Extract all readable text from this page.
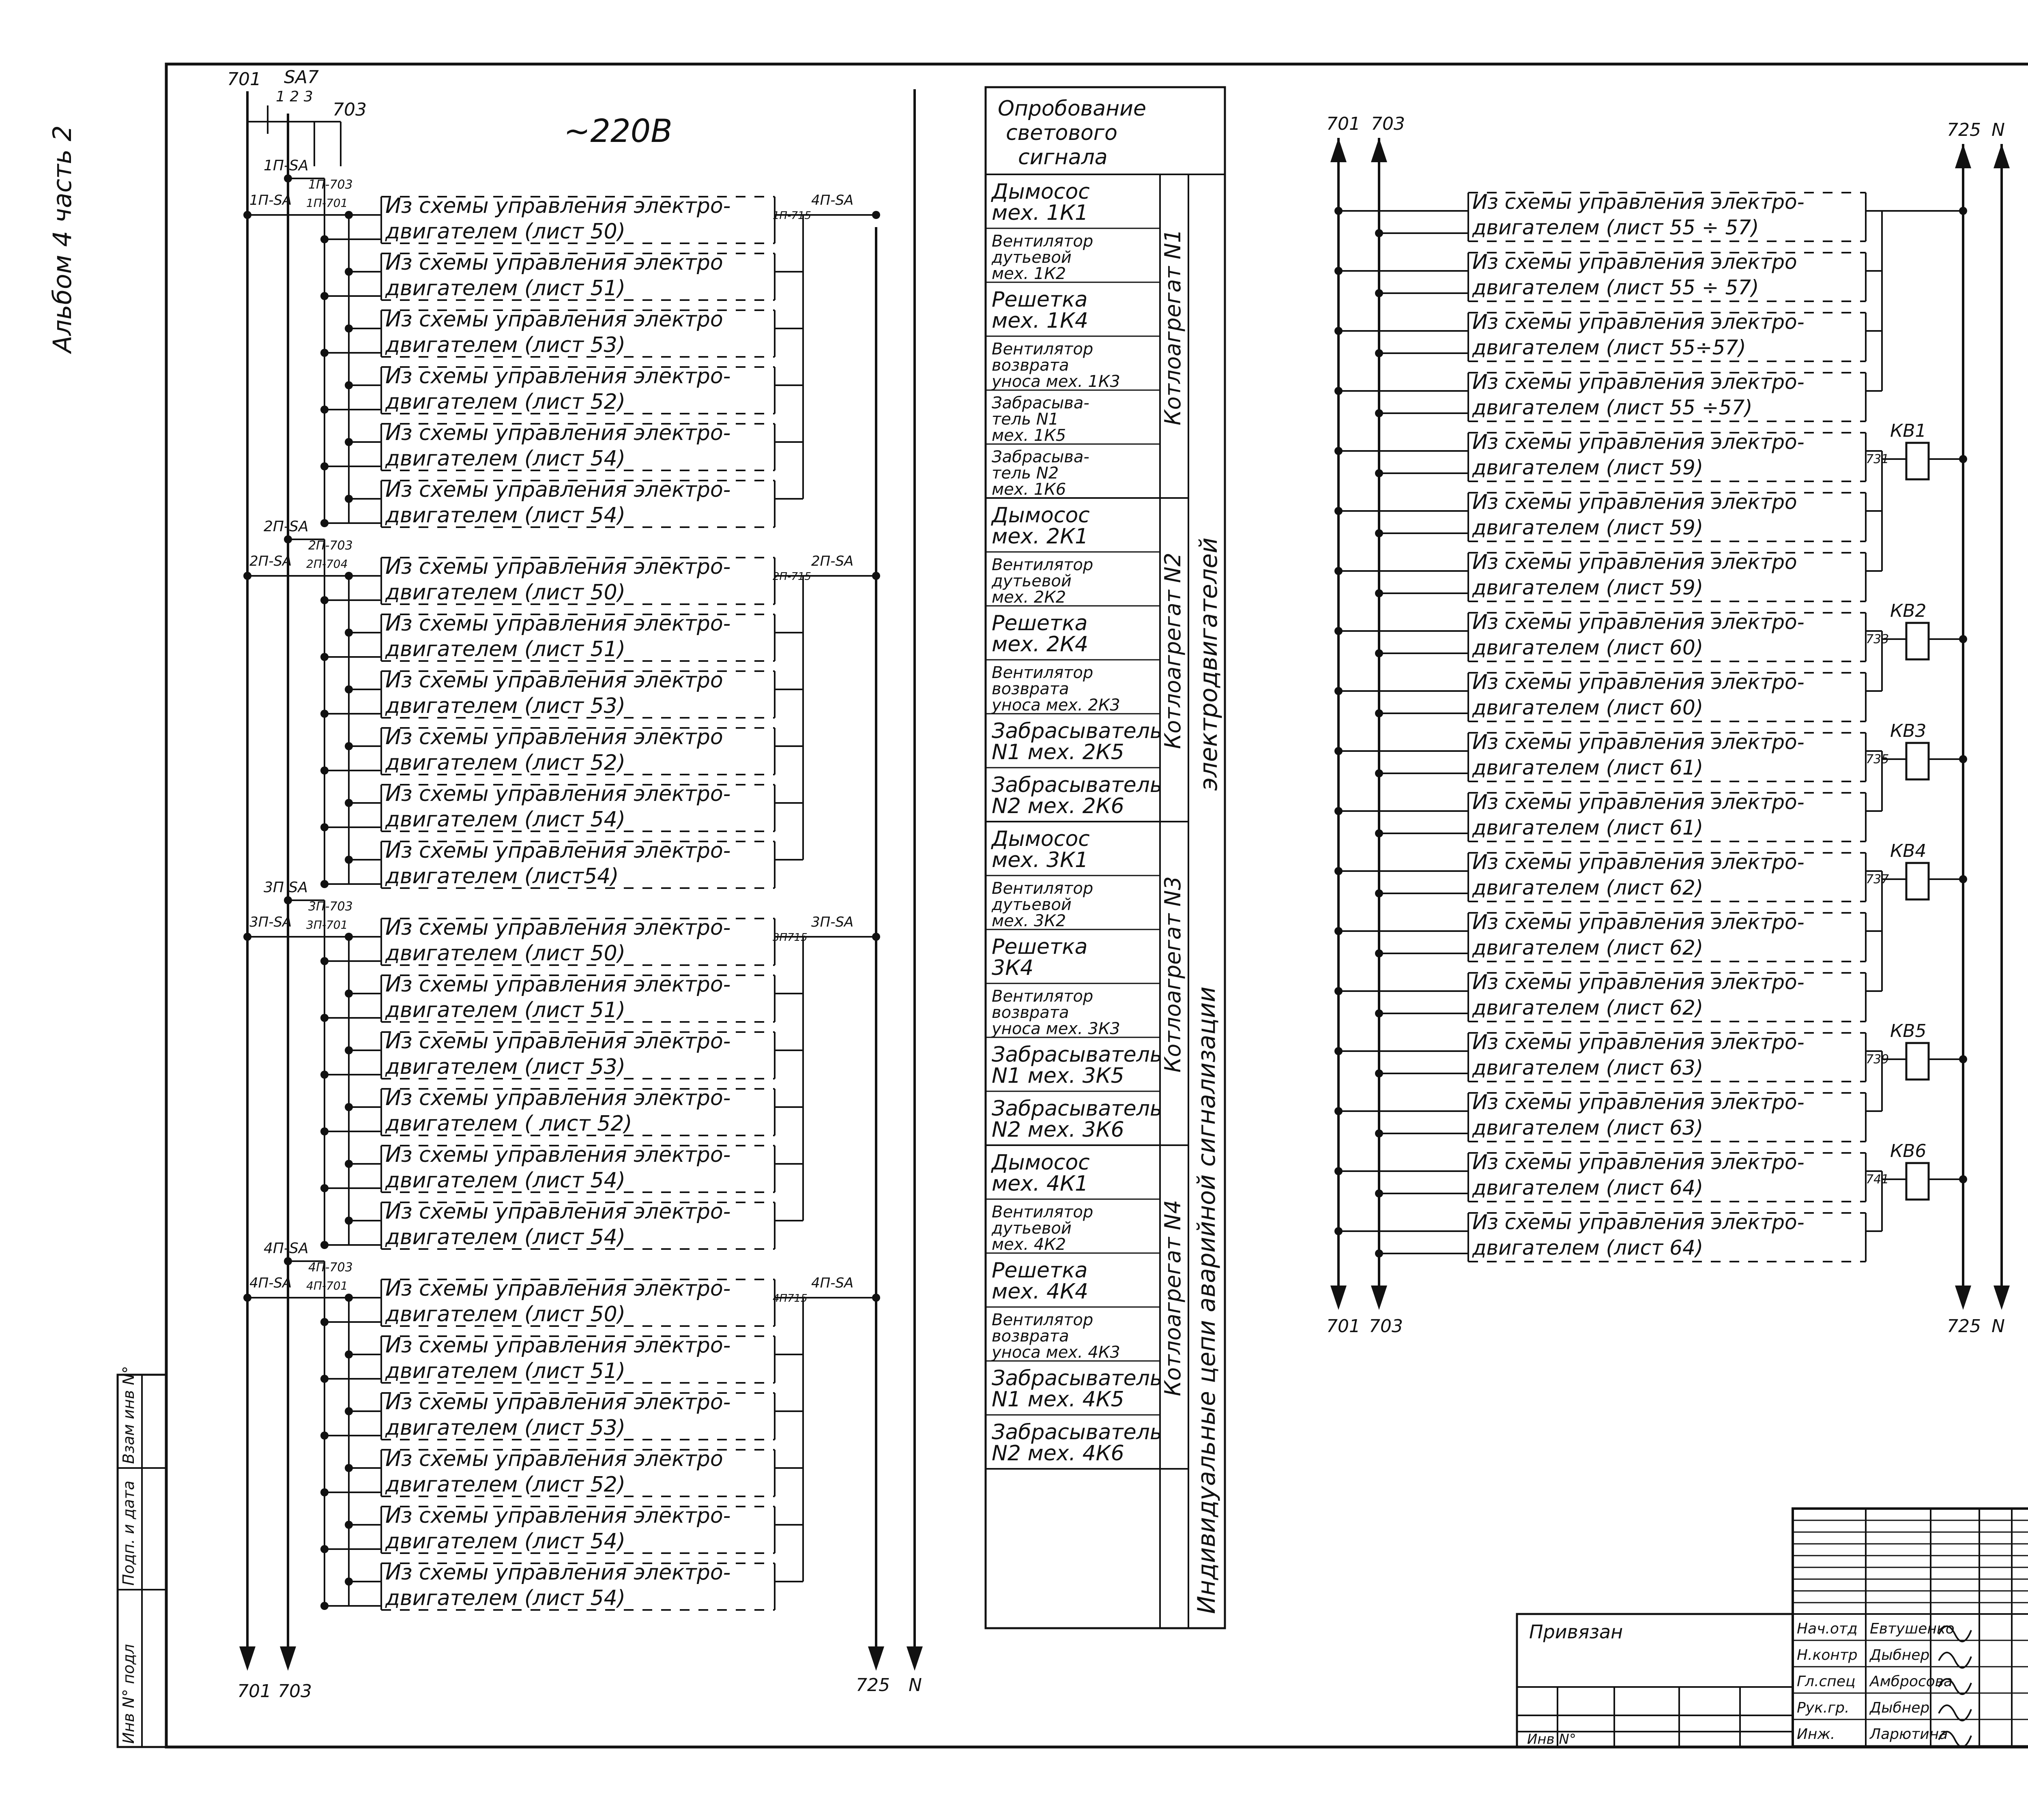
Инв N° подл
Подп. и дата
Взам инв N°
Альбом 4 часть 2	~220В
701
703
SA7
1 2 3
701 703	725 N
1П-SA
1П-703
1П-SA 1П-701	4П-SA
1П-715
Из схемы управления электро-
двигателем (лист 50)
Из схемы управления электро
двигателем (лист 51)
Из схемы управления электро
двигателем (лист 53)
Из схемы управления электро-
двигателем (лист 52)
Из схемы управления электро-
двигателем (лист 54)
Из схемы управления электро-
двигателем (лист 54)
2П-SA
2П-703
2П-SA 2П-704	2П-SA
2П-715
Из схемы управления электро-
двигателем (лист 50)
Из схемы управления электро-
двигателем (лист 51)
Из схемы управления электро
двигателем (лист 53)
Из схемы управления электро
двигателем (лист 52)
Из схемы управления электро-
двигателем (лист 54)
Из схемы управления электро-
двигателем (лист54)
3П SA
3П-703
3П-SA 3П-701	3П-SA
3П715
Из схемы управления электро-
двигателем (лист 50)
Из схемы управления электро-
двигателем (лист 51)
Из схемы управления электро-
двигателем (лист 53)
Из схемы управления электро-
двигателем ( лист 52)
Из схемы управления электро-
двигателем (лист 54)
Из схемы управления электро-
двигателем (лист 54)
4П-SA
4П-703
4П-SA 4П-701	4П-SA
4П715
Из схемы управления электро-
двигателем (лист 50)
Из схемы управления электро-
двигателем (лист 51)
Из схемы управления электро-
двигателем (лист 53)
Из схемы управления электро
двигателем (лист 52)
Из схемы управления электро-
двигателем (лист 54)
Из схемы управления электро-
двигателем (лист 54)
Опробование
светового
сигнала
Индивидуальные цепи аварийной сигнализации
электродвигателей
Дымосос
мех. 1К1
Вентилятор
дутьевой
мех. 1К2
Решетка
мех. 1К4
Вентилятор
возврата
уноса мех. 1К3
Забрасыва-
тель N1
мех. 1К5
Забрасыва-
тель N2
мех. 1К6
Котлоагрегат N1
Дымосос
мех. 2К1
Вентилятор
дутьевой
мех. 2К2
Решетка
мех. 2К4
Вентилятор
возврата
уноса мех. 2К3
Забрасыватель
N1 мех. 2К5
Забрасыватель
N2 мех. 2К6
Котлоагрегат N2
Дымосос
мех. 3К1
Вентилятор
дутьевой
мех. 3К2
Решетка
3К4
Вентилятор
возврата
уноса мех. 3К3
Забрасыватель
N1 мех. 3К5
Забрасыватель
N2 мех. 3К6
Котлоагрегат N3
Дымосос
мех. 4К1
Вентилятор
дутьевой
мех. 4К2
Решетка
мех. 4К4
Вентилятор
возврата
уноса мех. 4К3
Забрасыватель
N1 мех. 4К5
Забрасыватель
N2 мех. 4К6
Котлоагрегат N4
701 703	725 N
701 703	725 N
Из схемы управления электро-
двигателем (лист 55 ÷ 57)
Из схемы управления электро
двигателем (лист 55 ÷ 57)
Из схемы управления электро-
двигателем (лист 55÷57)
Из схемы управления электро-
двигателем (лист 55 ÷57)
Из схемы управления электро-
двигателем (лист 59)
Из схемы управления электро
двигателем (лист 59)
Из схемы управления электро
двигателем (лист 59)
Из схемы управления электро-
двигателем (лист 60)
Из схемы управления электро-
двигателем (лист 60)
Из схемы управления электро-
двигателем (лист 61)
Из схемы управления электро-
двигателем (лист 61)
Из схемы управления электро-
двигателем (лист 62)
Из схемы управления электро-
двигателем (лист 62)
Из схемы управления электро-
двигателем (лист 62)
Из схемы управления электро-
двигателем (лист 63)
Из схемы управления электро-
двигателем (лист 63)
Из схемы управления электро-
двигателем (лист 64)
Из схемы управления электро-
двигателем (лист 64)
КВ1
731
КВ2
733
КВ3
735
КВ4
737
КВ5
739
КВ6
741
Нач.отд Евтушенко
Н.контр Дыбнер
Гл.спец Амбросова
Рук.гр. Дыбнер
Инж. Ларютина
Привязан
Инв N°
